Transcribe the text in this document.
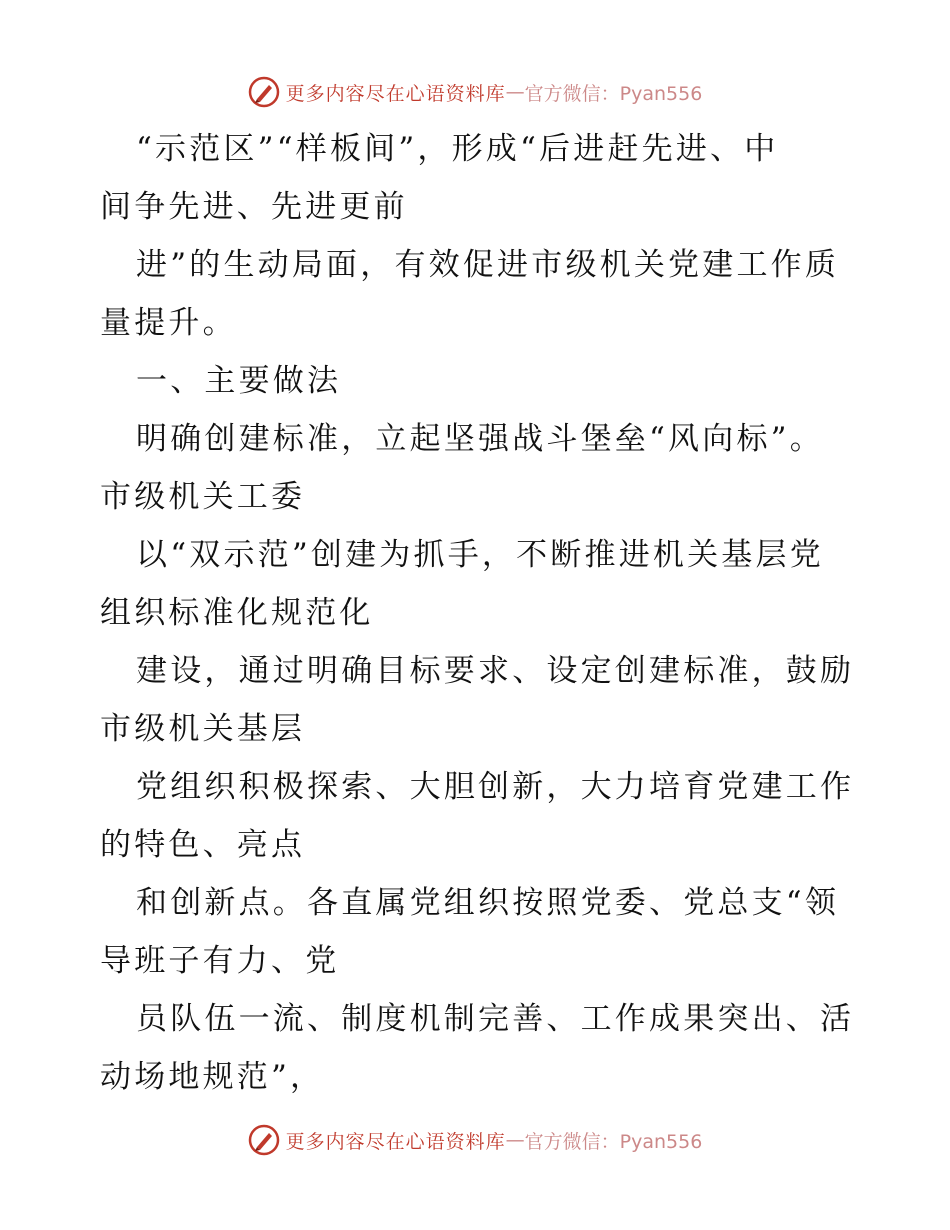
更多内容尽在心语资料库 — 官方微信：Pyan556
“示范区”“样板间”，形成“后进赶先进、中
间争先进、先进更前
进”的生动局面，有效促进市级机关党建工作质
量提升。
一、主要做法
明确创建标准，立起坚强战斗堡垒“风向标”。
市级机关工委
以“双示范”创建为抓手，不断推进机关基层党
组织标准化规范化
建设，通过明确目标要求、设定创建标准，鼓励
市级机关基层
党组织积极探索、大胆创新，大力培育党建工作
的特色、亮点
和创新点。各直属党组织按照党委、党总支“领
导班子有力、党
员队伍一流、制度机制完善、工作成果突出、活
动场地规范”，
更多内容尽在心语资料库 — 官方微信：Pyan556
